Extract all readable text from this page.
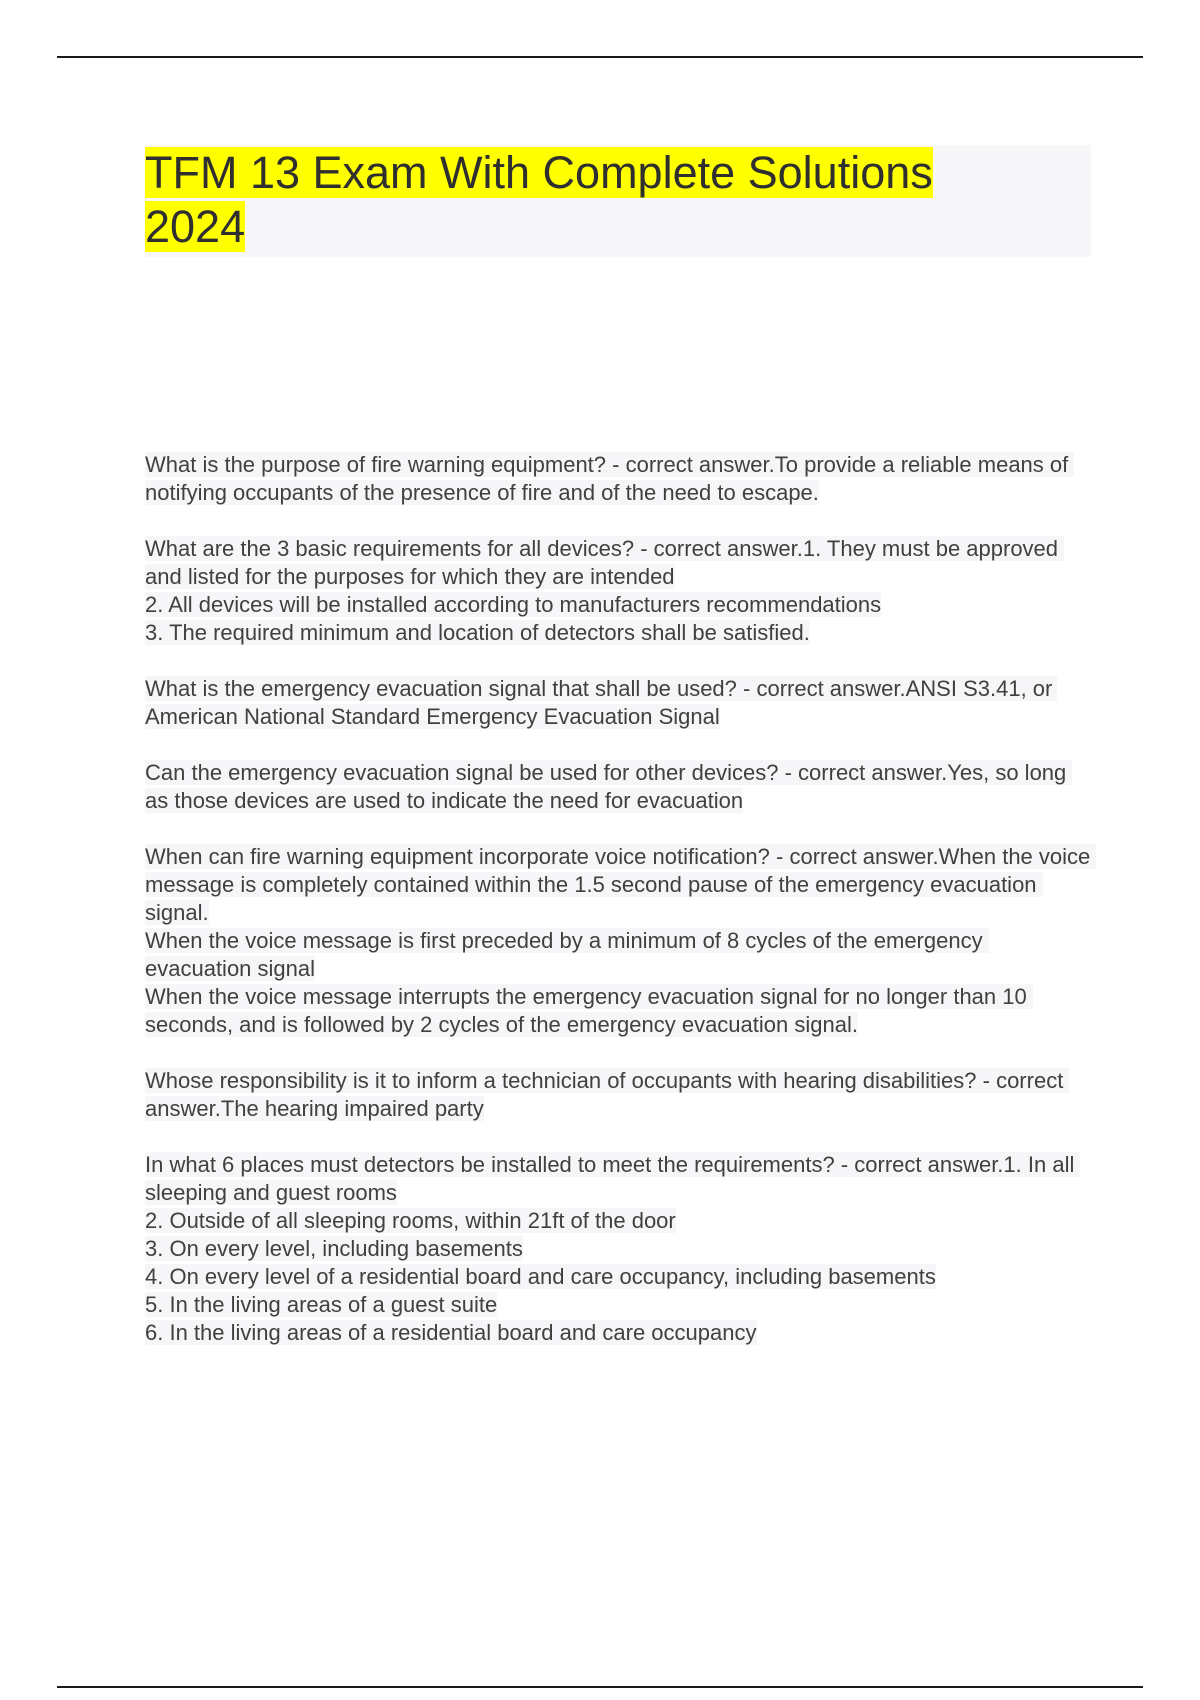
TFM 13 Exam With Complete Solutions 2024

What is the purpose of fire warning equipment? - correct answer.To provide a reliable means of notifying occupants of the presence of fire and of the need to escape.

What are the 3 basic requirements for all devices? - correct answer.1. They must be approved and listed for the purposes for which they are intended
2. All devices will be installed according to manufacturers recommendations
3. The required minimum and location of detectors shall be satisfied.

What is the emergency evacuation signal that shall be used? - correct answer.ANSI S3.41, or American National Standard Emergency Evacuation Signal

Can the emergency evacuation signal be used for other devices? - correct answer.Yes, so long as those devices are used to indicate the need for evacuation

When can fire warning equipment incorporate voice notification? - correct answer.When the voice message is completely contained within the 1.5 second pause of the emergency evacuation signal.
When the voice message is first preceded by a minimum of 8 cycles of the emergency evacuation signal
When the voice message interrupts the emergency evacuation signal for no longer than 10 seconds, and is followed by 2 cycles of the emergency evacuation signal.

Whose responsibility is it to inform a technician of occupants with hearing disabilities? - correct answer.The hearing impaired party

In what 6 places must detectors be installed to meet the requirements? - correct answer.1. In all sleeping and guest rooms
2. Outside of all sleeping rooms, within 21ft of the door
3. On every level, including basements
4. On every level of a residential board and care occupancy, including basements
5. In the living areas of a guest suite
6. In the living areas of a residential board and care occupancy
